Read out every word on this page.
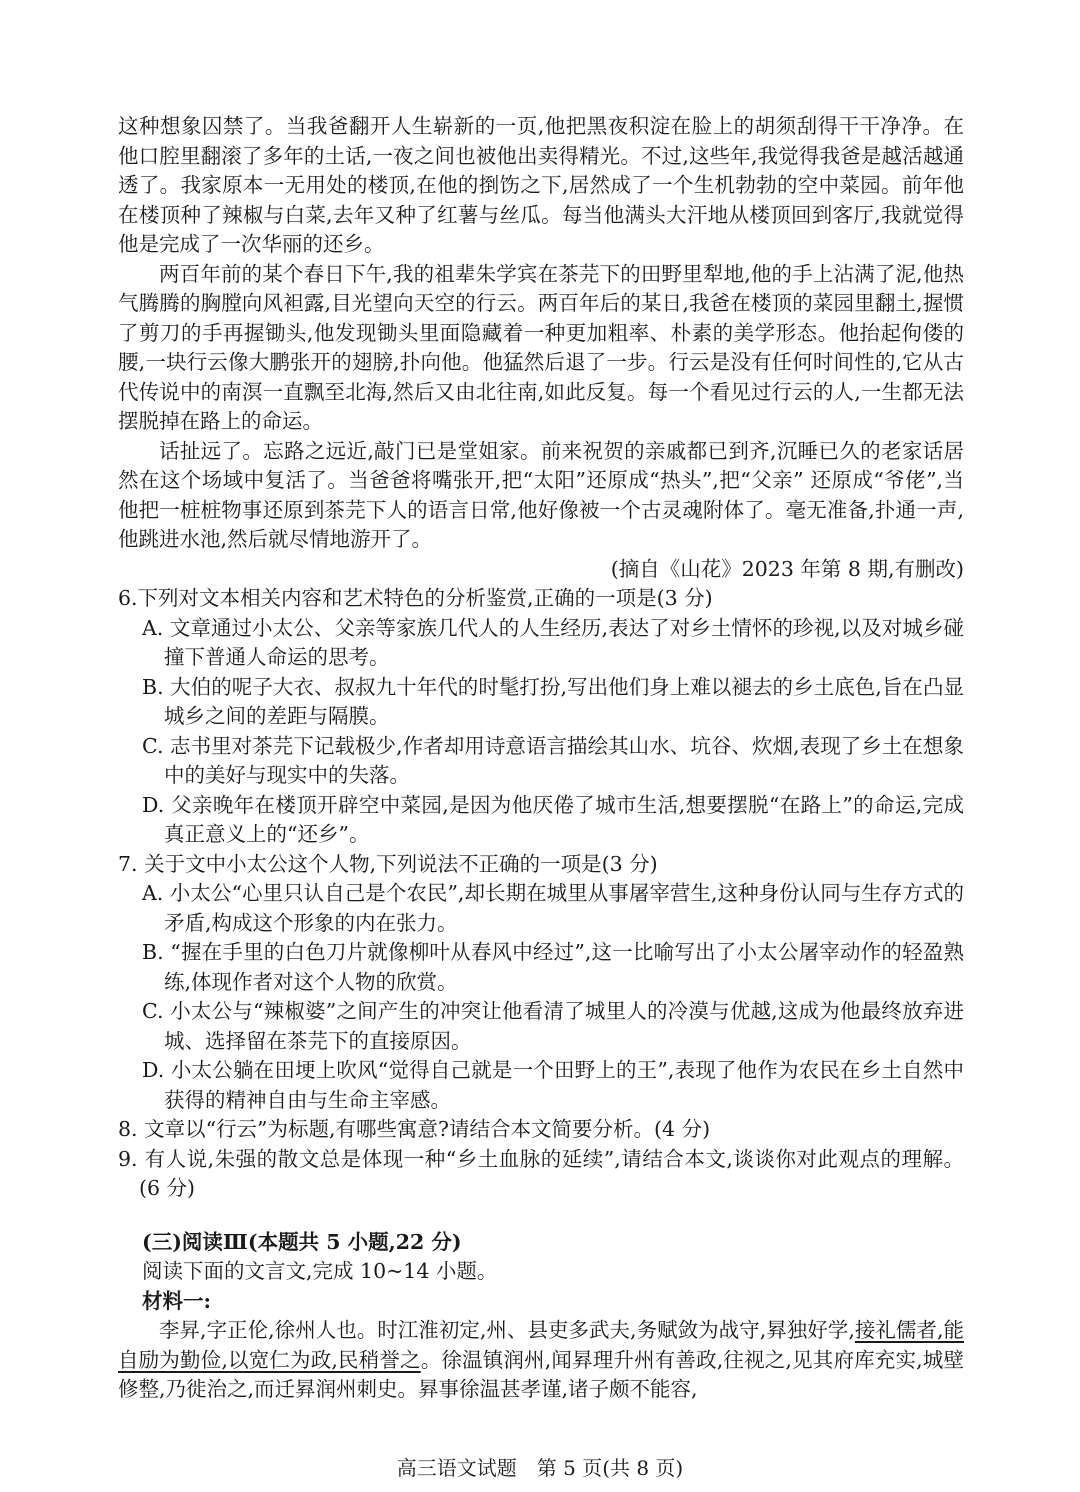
这种想象囚禁了。当我爸翻开人生崭新的一页,他把黑夜积淀在脸上的胡须刮得干干净净。在他口腔里翻滚了多年的土话,一夜之间也被他出卖得精光。不过,这些年,我觉得我爸是越活越通透了。我家原本一无用处的楼顶,在他的捯饬之下,居然成了一个生机勃勃的空中菜园。前年他在楼顶种了辣椒与白菜,去年又种了红薯与丝瓜。每当他满头大汗地从楼顶回到客厅,我就觉得他是完成了一次华丽的还乡。

两百年前的某个春日下午,我的祖辈朱学宾在茶芫下的田野里犁地,他的手上沾满了泥,他热气腾腾的胸膛向风袒露,目光望向天空的行云。两百年后的某日,我爸在楼顶的菜园里翻土,握惯了剪刀的手再握锄头,他发现锄头里面隐藏着一种更加粗率、朴素的美学形态。他抬起佝偻的腰,一块行云像大鹏张开的翅膀,扑向他。他猛然后退了一步。行云是没有任何时间性的,它从古代传说中的南溟一直飘至北海,然后又由北往南,如此反复。每一个看见过行云的人,一生都无法摆脱掉在路上的命运。

话扯远了。忘路之远近,敲门已是堂姐家。前来祝贺的亲戚都已到齐,沉睡已久的老家话居然在这个场域中复活了。当爸爸将嘴张开,把“太阳”还原成“热头”,把“父亲” 还原成“爷佬”,当他把一桩桩物事还原到茶芫下人的语言日常,他好像被一个古灵魂附体了。毫无准备,扑通一声,他跳进水池,然后就尽情地游开了。

(摘自《山花》2023 年第 8 期,有删改)

6.下列对文本相关内容和艺术特色的分析鉴赏,正确的一项是(3 分)

A. 文章通过小太公、父亲等家族几代人的人生经历,表达了对乡土情怀的珍视,以及对城乡碰撞下普通人命运的思考。

B. 大伯的呢子大衣、叔叔九十年代的时髦打扮,写出他们身上难以褪去的乡土底色,旨在凸显城乡之间的差距与隔膜。

C. 志书里对茶芫下记载极少,作者却用诗意语言描绘其山水、坑谷、炊烟,表现了乡土在想象中的美好与现实中的失落。

D. 父亲晚年在楼顶开辟空中菜园,是因为他厌倦了城市生活,想要摆脱“在路上”的命运,完成真正意义上的“还乡”。

7. 关于文中小太公这个人物,下列说法不正确的一项是(3 分)

A. 小太公“心里只认自己是个农民”,却长期在城里从事屠宰营生,这种身份认同与生存方式的矛盾,构成这个形象的内在张力。

B. “握在手里的白色刀片就像柳叶从春风中经过”,这一比喻写出了小太公屠宰动作的轻盈熟练,体现作者对这个人物的欣赏。

C. 小太公与“辣椒婆”之间产生的冲突让他看清了城里人的冷漠与优越,这成为他最终放弃进城、选择留在茶芫下的直接原因。

D. 小太公躺在田埂上吹风“觉得自己就是一个田野上的王”,表现了他作为农民在乡土自然中获得的精神自由与生命主宰感。

8. 文章以“行云”为标题,有哪些寓意?请结合本文简要分析。(4 分)

9. 有人说,朱强的散文总是体现一种“乡土血脉的延续”,请结合本文,谈谈你对此观点的理解。(6 分)

(三)阅读Ⅲ(本题共 5 小题,22 分)

阅读下面的文言文,完成 10~14 小题。

材料一:

李昇,字正伦,徐州人也。时江淮初定,州、县吏多武夫,务赋敛为战守,昪独好学,接礼儒者,能自励为勤俭,以宽仁为政,民稍誉之。徐温镇润州,闻昪理升州有善政,往视之,见其府库充实,城壁修整,乃徙治之,而迁昪润州刺史。昪事徐温甚孝谨,诸子颇不能容,

高三语文试题　第 5 页(共 8 页)
